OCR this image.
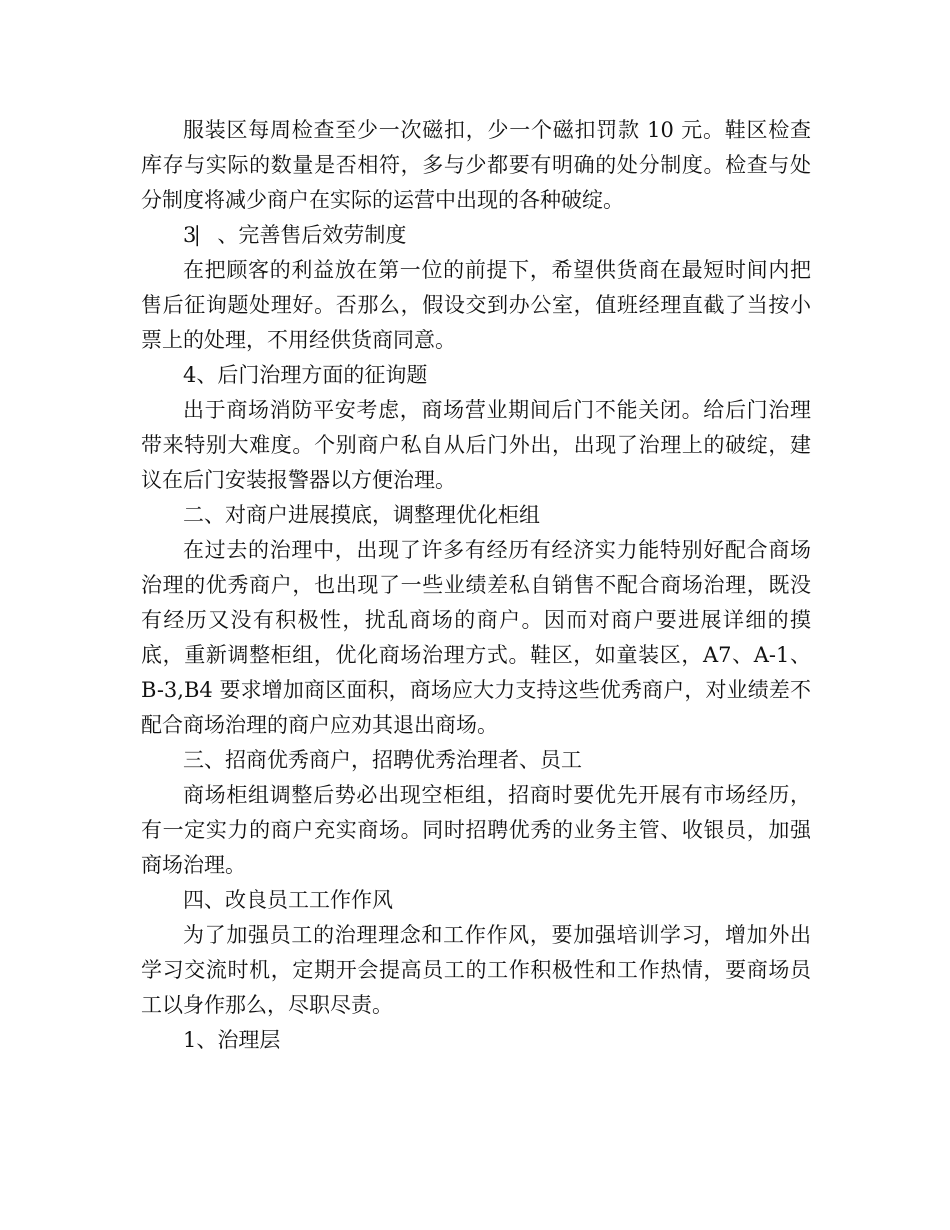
服装区每周检查至少一次磁扣，少一个磁扣罚款 10 元。鞋区检查库存与实际的数量是否相符，多与少都要有明确的处分制度。检查与处分制度将减少商户在实际的运营中出现的各种破绽。

3⎸、完善售后效劳制度

在把顾客的利益放在第一位的前提下，希望供货商在最短时间内把售后征询题处理好。否那么，假设交到办公室，值班经理直截了当按小票上的处理，不用经供货商同意。

4、后门治理方面的征询题

出于商场消防平安考虑，商场营业期间后门不能关闭。给后门治理带来特别大难度。个别商户私自从后门外出，出现了治理上的破绽，建议在后门安装报警器以方便治理。

二、对商户进展摸底，调整理优化柜组

在过去的治理中，出现了许多有经历有经济实力能特别好配合商场治理的优秀商户，也出现了一些业绩差私自销售不配合商场治理，既没有经历又没有积极性，扰乱商场的商户。因而对商户要进展详细的摸底，重新调整柜组，优化商场治理方式。鞋区，如童装区，A7、A-1、B-3,B4 要求增加商区面积，商场应大力支持这些优秀商户，对业绩差不配合商场治理的商户应劝其退出商场。

三、招商优秀商户，招聘优秀治理者、员工

商场柜组调整后势必出现空柜组，招商时要优先开展有市场经历，有一定实力的商户充实商场。同时招聘优秀的业务主管、收银员，加强商场治理。

四、改良员工工作作风

为了加强员工的治理理念和工作作风，要加强培训学习，增加外出学习交流时机，定期开会提高员工的工作积极性和工作热情，要商场员工以身作那么，尽职尽责。

1、治理层
